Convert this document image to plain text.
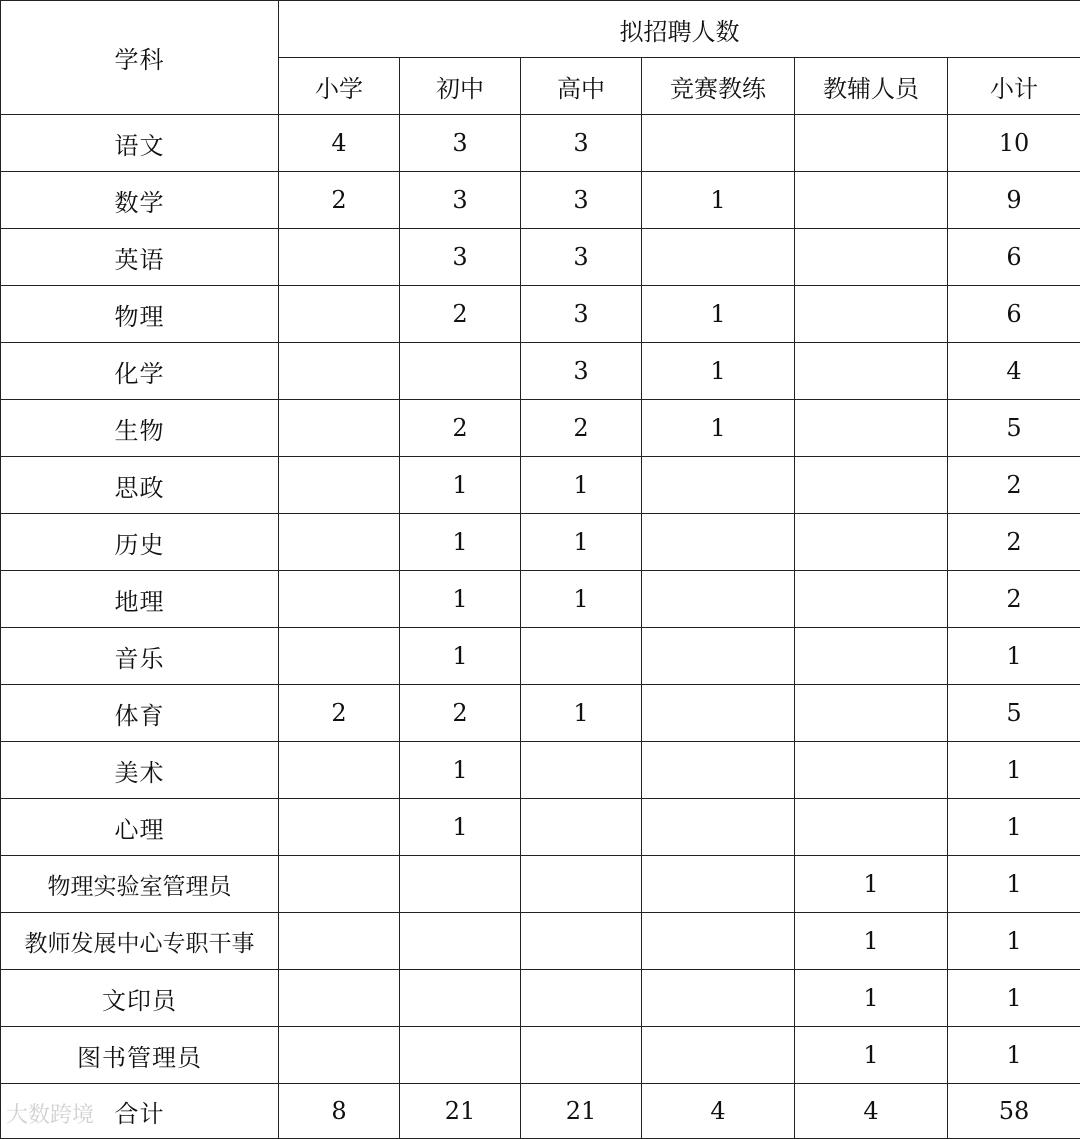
学科	拟招聘人数					
	小学	初中	高中	竞赛教练	教辅人员	小计
语文	4	3	3			10
数学	2	3	3	1		9
英语		3	3			6
物理		2	3	1		6
化学			3	1		4
生物		2	2	1		5
思政		1	1			2
历史		1	1			2
地理		1	1			2
音乐		1				1
体育	2	2	1			5
美术		1				1
心理		1				1
物理实验室管理员					1	1
教师发展中心专职干事					1	1
文印员					1	1
图书管理员					1	1
合计	8	21	21	4	4	58
大数跨境
